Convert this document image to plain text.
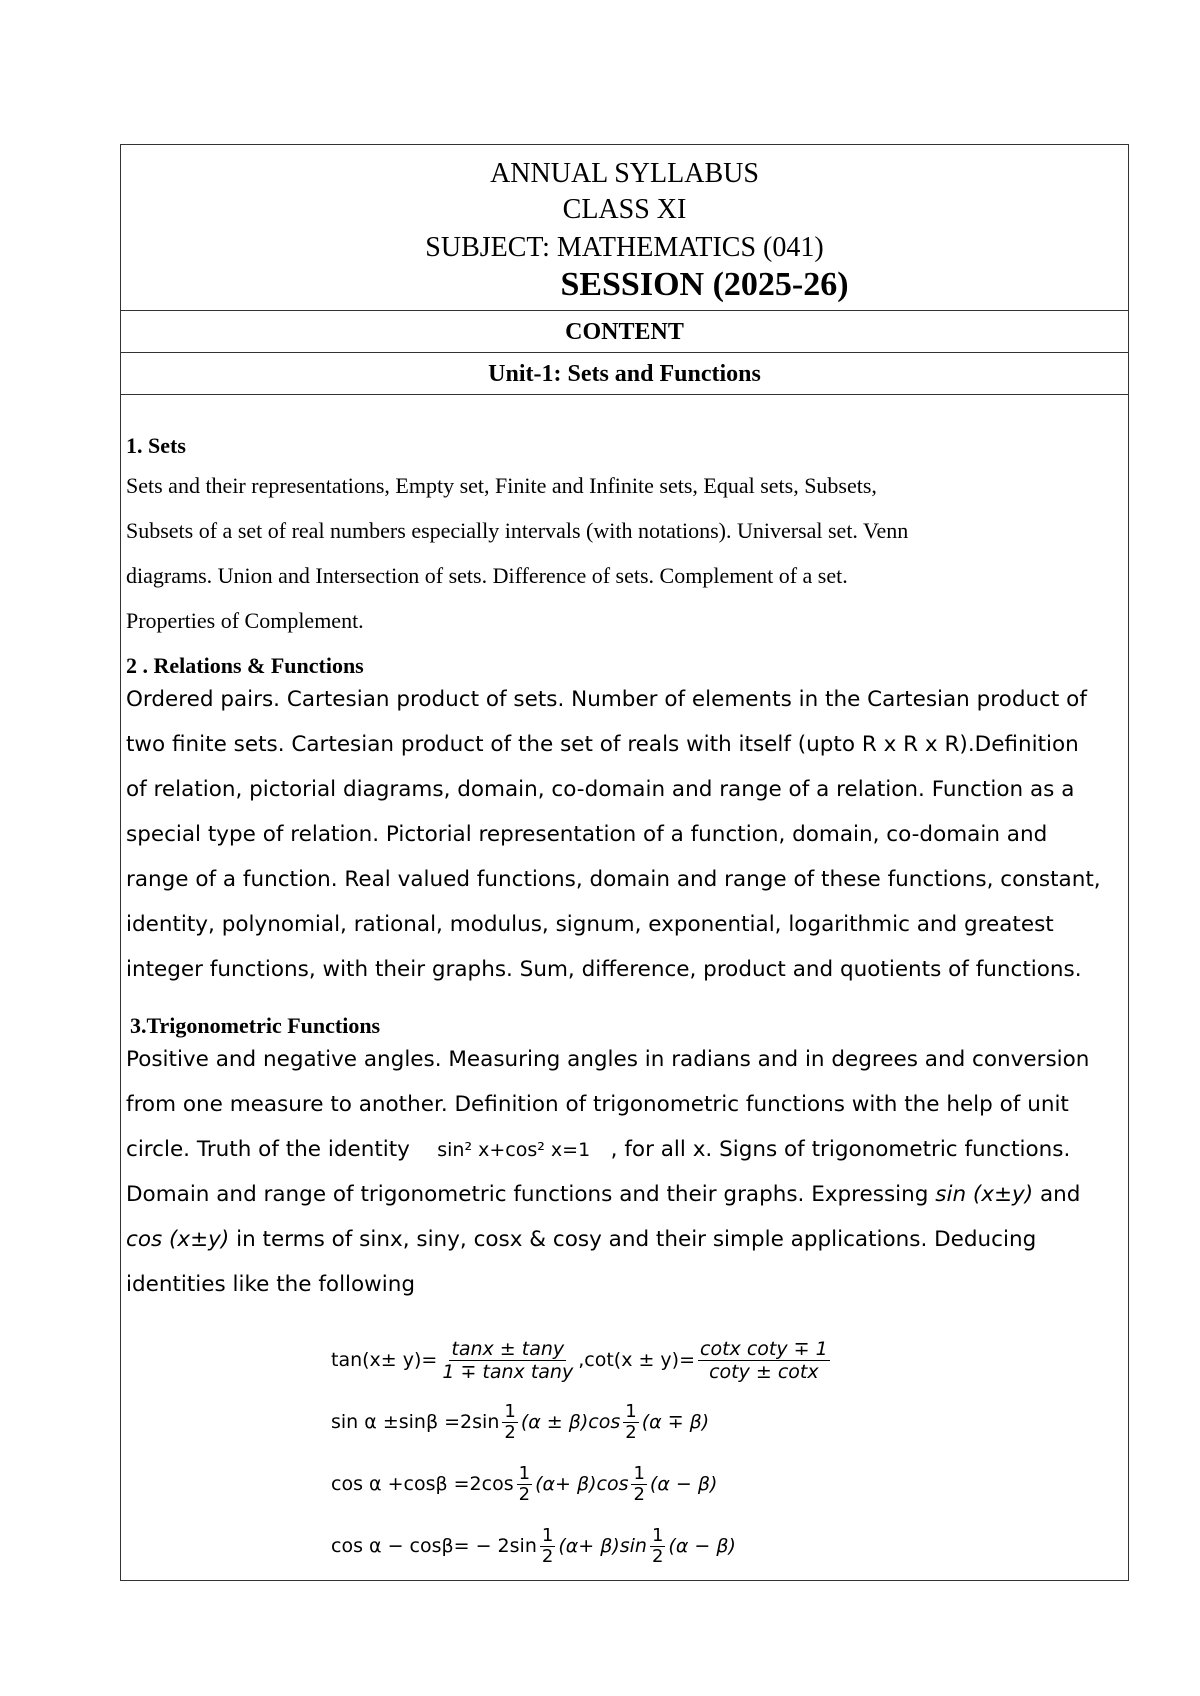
ANNUAL SYLLABUS
CLASS XI
SUBJECT: MATHEMATICS (041)
SESSION (2025-26)
CONTENT
Unit-1: Sets and Functions
1. Sets
Sets and their representations, Empty set, Finite and Infinite sets, Equal sets, Subsets,
Subsets of a set of real numbers especially intervals (with notations). Universal set. Venn
diagrams. Union and Intersection of sets. Difference of sets. Complement of a set.
Properties of Complement.
2 . Relations & Functions
Ordered pairs. Cartesian product of sets. Number of elements in the Cartesian product of
two finite sets. Cartesian product of the set of reals with itself (upto R x R x R).Definition
of relation, pictorial diagrams, domain, co-domain and range of a relation. Function as a
special type of relation. Pictorial representation of a function, domain, co-domain and
range of a function. Real valued functions, domain and range of these functions, constant,
identity, polynomial, rational, modulus, signum, exponential, logarithmic and greatest
integer functions, with their graphs. Sum, difference, product and quotients of functions.
3.Trigonometric Functions
Positive and negative angles. Measuring angles in radians and in degrees and conversion
from one measure to another. Definition of trigonometric functions with the help of unit
circle. Truth of the identity sin² x+cos² x=1 , for all x. Signs of trigonometric functions.
Domain and range of trigonometric functions and their graphs. Expressing sin (x±y) and
cos (x±y) in terms of sinx, siny, cosx & cosy and their simple applications. Deducing
identities like the following
$\tan(x\pm y)= \frac{\tan x \pm \tan y}{\text{1 ∓ tanx tany}} ,\cot(x \pm y)= \frac{\text{cotx coty ∓ 1}}{\cot y \pm \cot x}$
$\sin \alpha \pm\sin\beta =2\sin \frac{1}{2} (\alpha \pm \beta)\cos \frac{1}{2} (\alpha \mp \beta)$
$\cos \alpha +\cos\beta =2\cos \frac{1}{2} (\alpha+ \beta)\cos \frac{1}{2} (\alpha - \beta)$
$\cos \alpha - \cos\beta= - 2\sin \frac{1}{2} (\alpha+ \beta)\sin \frac{1}{2} (\alpha - \beta)$
